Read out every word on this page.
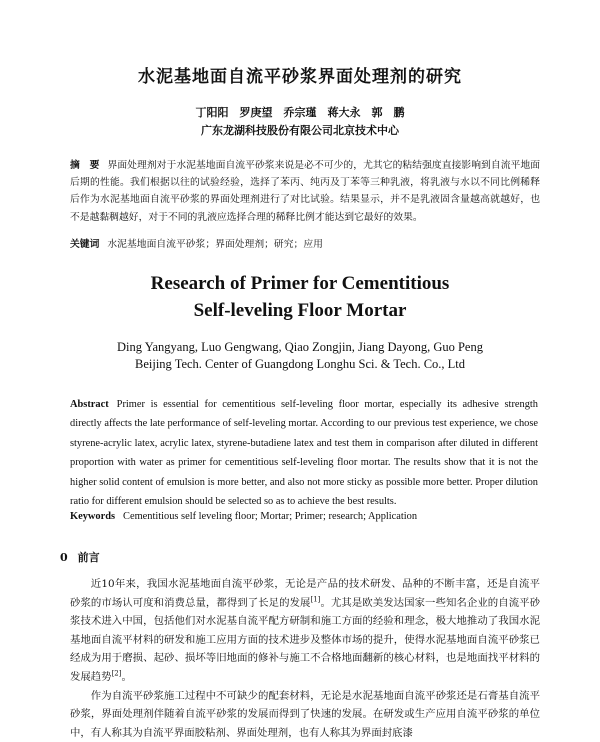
水泥基地面自流平砂浆界面处理剂的研究
丁阳阳　罗庚望　乔宗瑾　蒋大永　郭　鹏
广东龙湖科技股份有限公司北京技术中心
摘　要 界面处理剂对于水泥基地面自流平砂浆来说是必不可少的，尤其它的粘结强度直接影响到自流平地面后期的性能。我们根据以往的试验经验，选择了苯丙、纯丙及丁苯等三种乳液，将乳液与水以不同比例稀释后作为水泥基地面自流平砂浆的界面处理剂进行了对比试验。结果显示，并不是乳液固含量越高就越好，也不是越黏稠越好，对于不同的乳液应选择合理的稀释比例才能达到它最好的效果。
关键词 水泥基地面自流平砂浆；界面处理剂；研究；应用
Research of Primer for Cementitious
Self-leveling Floor Mortar
Ding Yangyang, Luo Gengwang, Qiao Zongjin, Jiang Dayong, Guo Peng
Beijing Tech. Center of Guangdong Longhu Sci. & Tech. Co., Ltd
Abstract Primer is essential for cementitious self-leveling floor mortar, especially its adhesive strength directly affects the late performance of self-leveling mortar. According to our previous test experience, we chose styrene-acrylic latex, acrylic latex, styrene-butadiene latex and test them in comparison after diluted in different proportion with water as primer for cementitious self-leveling floor mortar. The results show that it is not the higher solid content of emulsion is more better, and also not more sticky as possible more better. Proper dilution ratio for different emulsion should be selected so as to achieve the best results.
Keywords Cementitious self leveling floor; Mortar; Primer; research; Application
0 前言

近10年来，我国水泥基地面自流平砂浆，无论是产品的技术研发、品种的不断丰富，还是自流平砂浆的市场认可度和消费总量，都得到了长足的发展[1]。尤其是欧美发达国家一些知名企业的自流平砂浆技术进入中国，包括他们对水泥基自流平配方研制和施工方面的经验和理念，极大地推动了我国水泥基地面自流平材料的研发和施工应用方面的技术进步及整体市场的提升，使得水泥基地面自流平砂浆已经成为用于磨损、起砂、损坏等旧地面的修补与施工不合格地面翻新的核心材料，也是地面找平材料的发展趋势[2]。

作为自流平砂浆施工过程中不可缺少的配套材料，无论是水泥基地面自流平砂浆还是石膏基自流平砂浆，界面处理剂伴随着自流平砂浆的发展而得到了快速的发展。在研发或生产应用自流平砂浆的单位中，有人称其为自流平界面胶粘剂、界面处理剂，也有人称其为界面封底漆
